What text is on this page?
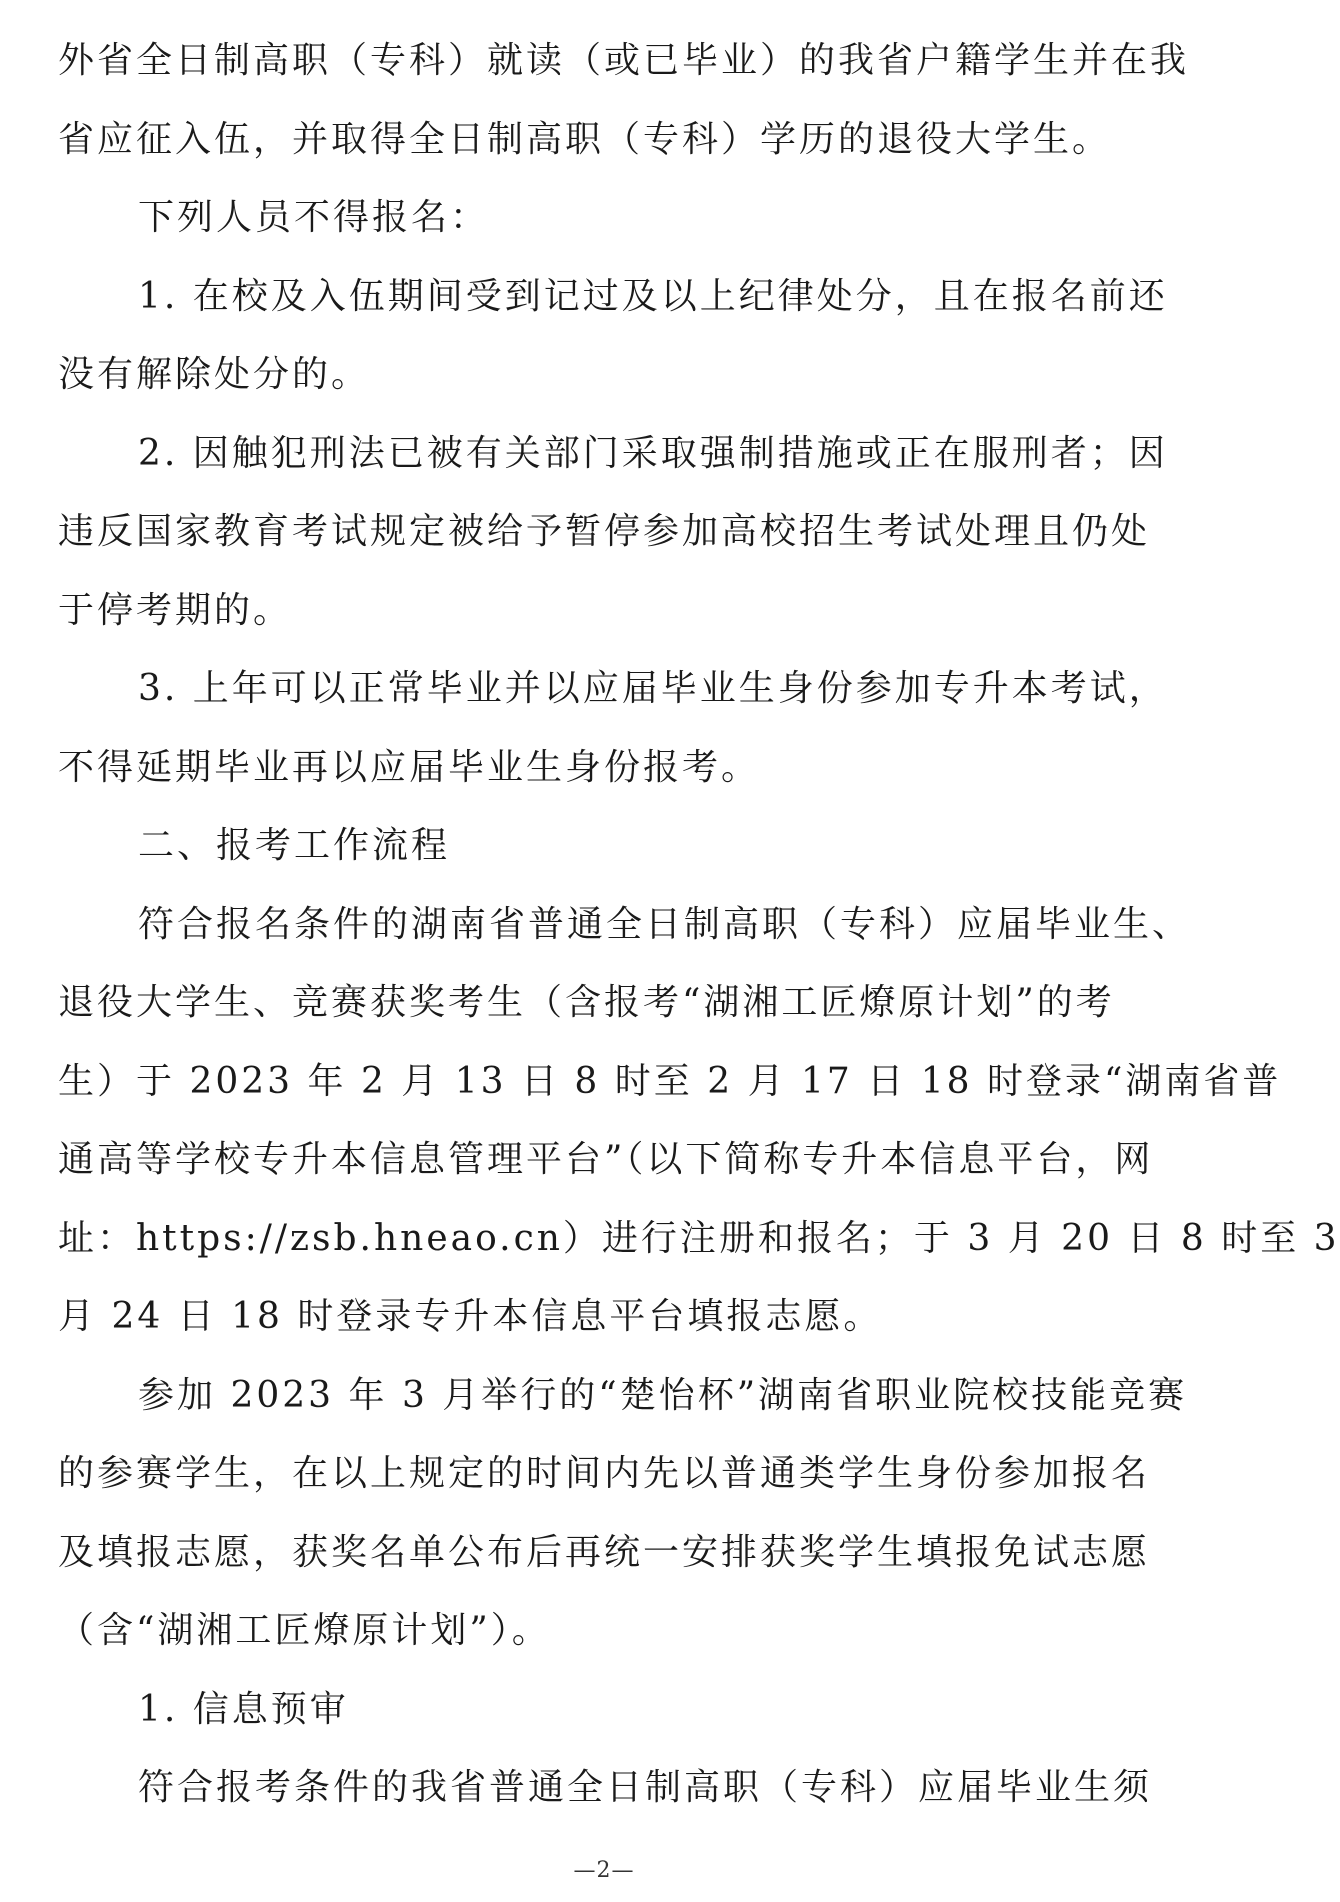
外省全日制高职（专科）就读（或已毕业）的我省户籍学生并在我
省应征入伍，并取得全日制高职（专科）学历的退役大学生。
下列人员不得报名：
1. 在校及入伍期间受到记过及以上纪律处分，且在报名前还
没有解除处分的。
2. 因触犯刑法已被有关部门采取强制措施或正在服刑者；因
违反国家教育考试规定被给予暂停参加高校招生考试处理且仍处
于停考期的。
3. 上年可以正常毕业并以应届毕业生身份参加专升本考试，
不得延期毕业再以应届毕业生身份报考。
二、报考工作流程
符合报名条件的湖南省普通全日制高职（专科）应届毕业生、
退役大学生、竞赛获奖考生（含报考“湖湘工匠燎原计划”的考
生）于 2023 年 2 月 13 日 8 时至 2 月 17 日 18 时登录“湖南省普
通高等学校专升本信息管理平台”（以下简称专升本信息平台，网
址：https://zsb.hneao.cn）进行注册和报名；于 3 月 20 日 8 时至 3
月 24 日 18 时登录专升本信息平台填报志愿。
参加 2023 年 3 月举行的“楚怡杯”湖南省职业院校技能竞赛
的参赛学生，在以上规定的时间内先以普通类学生身份参加报名
及填报志愿，获奖名单公布后再统一安排获奖学生填报免试志愿
（含“湖湘工匠燎原计划”）。
1. 信息预审
符合报考条件的我省普通全日制高职（专科）应届毕业生须
—2—
